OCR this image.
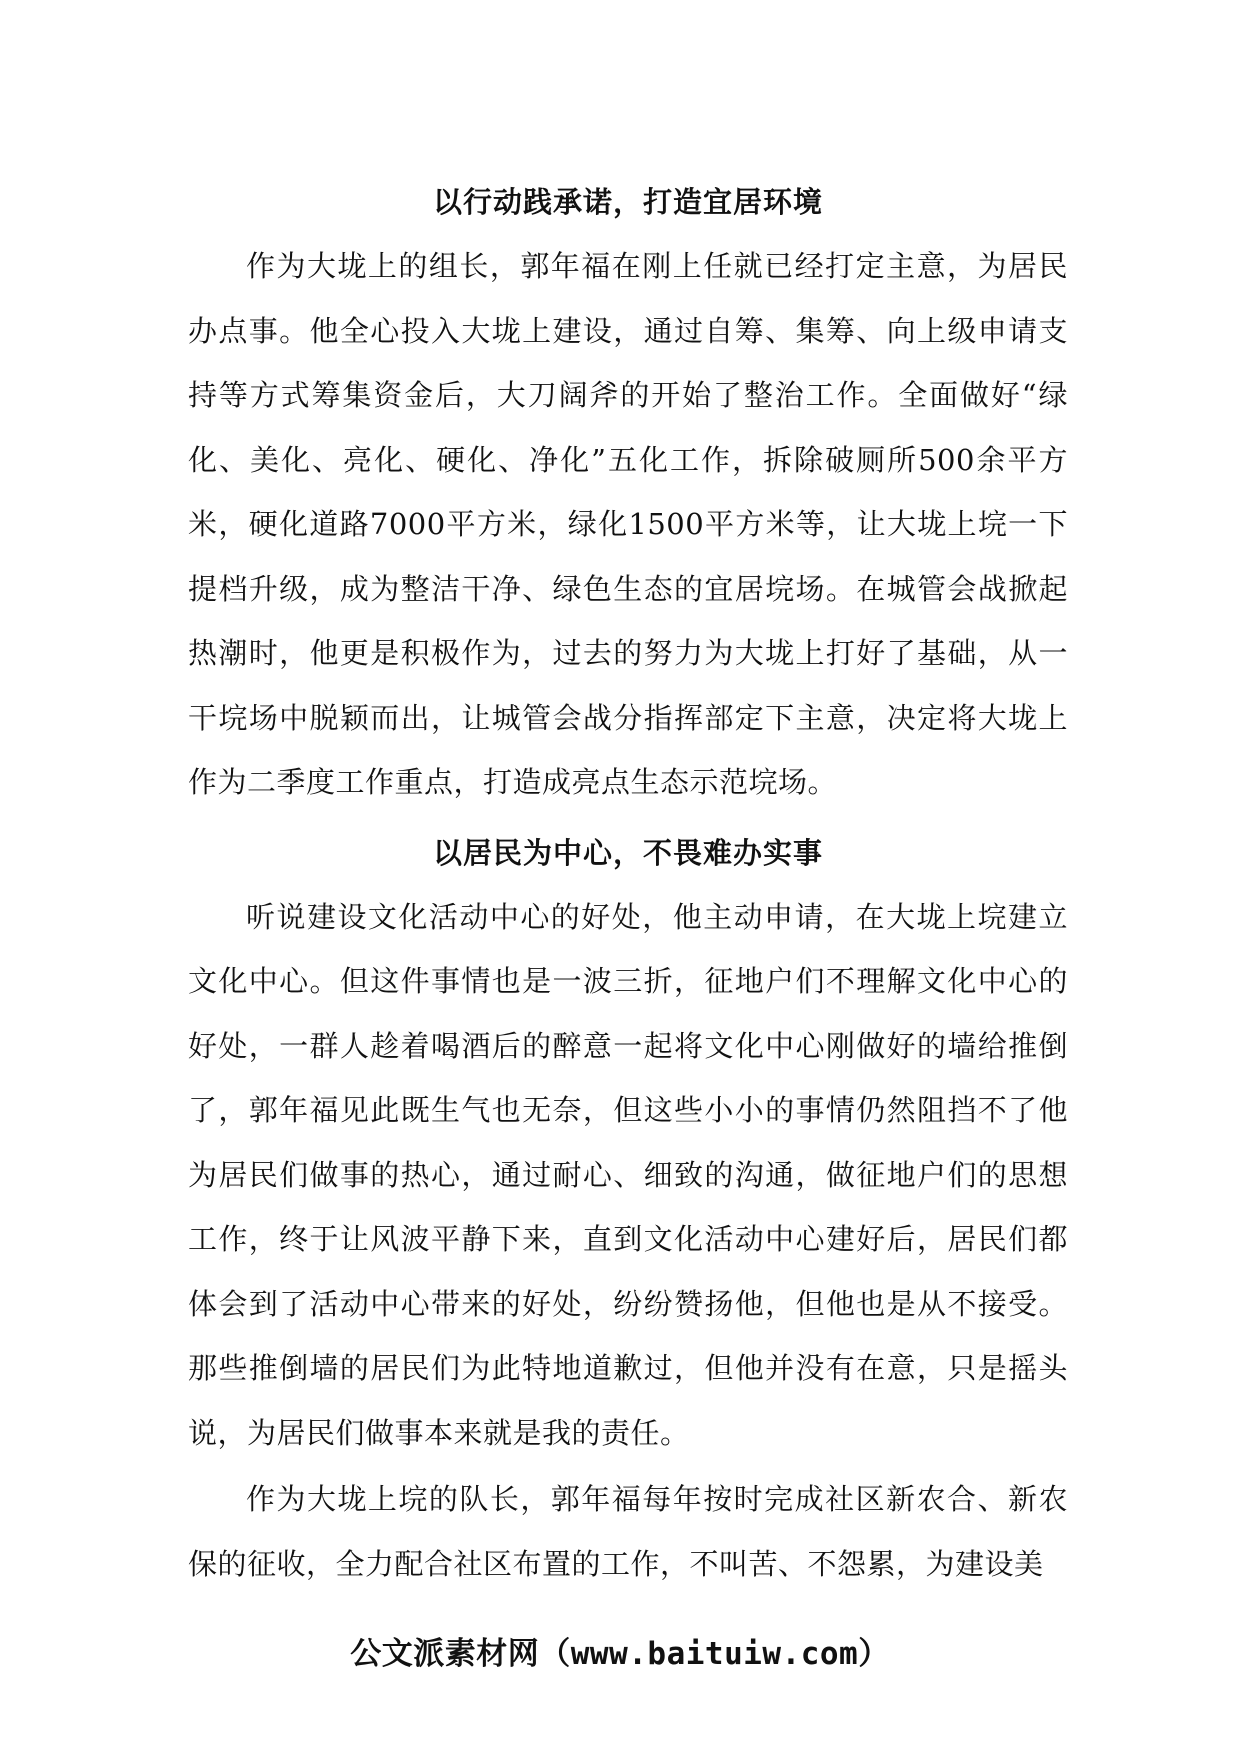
以行动践承诺，打造宜居环境

作为大垅上的组长，郭年福在刚上任就已经打定主意，为居民办点事。他全心投入大垅上建设，通过自筹、集筹、向上级申请支持等方式筹集资金后，大刀阔斧的开始了整治工作。全面做好“绿化、美化、亮化、硬化、净化”五化工作，拆除破厕所500余平方米，硬化道路7000平方米，绿化1500平方米等，让大垅上垸一下提档升级，成为整洁干净、绿色生态的宜居垸场。在城管会战掀起热潮时，他更是积极作为，过去的努力为大垅上打好了基础，从一干垸场中脱颖而出，让城管会战分指挥部定下主意，决定将大垅上作为二季度工作重点，打造成亮点生态示范垸场。

以居民为中心，不畏难办实事

听说建设文化活动中心的好处，他主动申请，在大垅上垸建立文化中心。但这件事情也是一波三折，征地户们不理解文化中心的好处，一群人趁着喝酒后的醉意一起将文化中心刚做好的墙给推倒了，郭年福见此既生气也无奈，但这些小小的事情仍然阻挡不了他为居民们做事的热心，通过耐心、细致的沟通，做征地户们的思想工作，终于让风波平静下来，直到文化活动中心建好后，居民们都体会到了活动中心带来的好处，纷纷赞扬他，但他也是从不接受。那些推倒墙的居民们为此特地道歉过，但他并没有在意，只是摇头说，为居民们做事本来就是我的责任。

作为大垅上垸的队长，郭年福每年按时完成社区新农合、新农保的征收，全力配合社区布置的工作，不叫苦、不怨累，为建设美

公文派素材网（www.baituiw.com）
